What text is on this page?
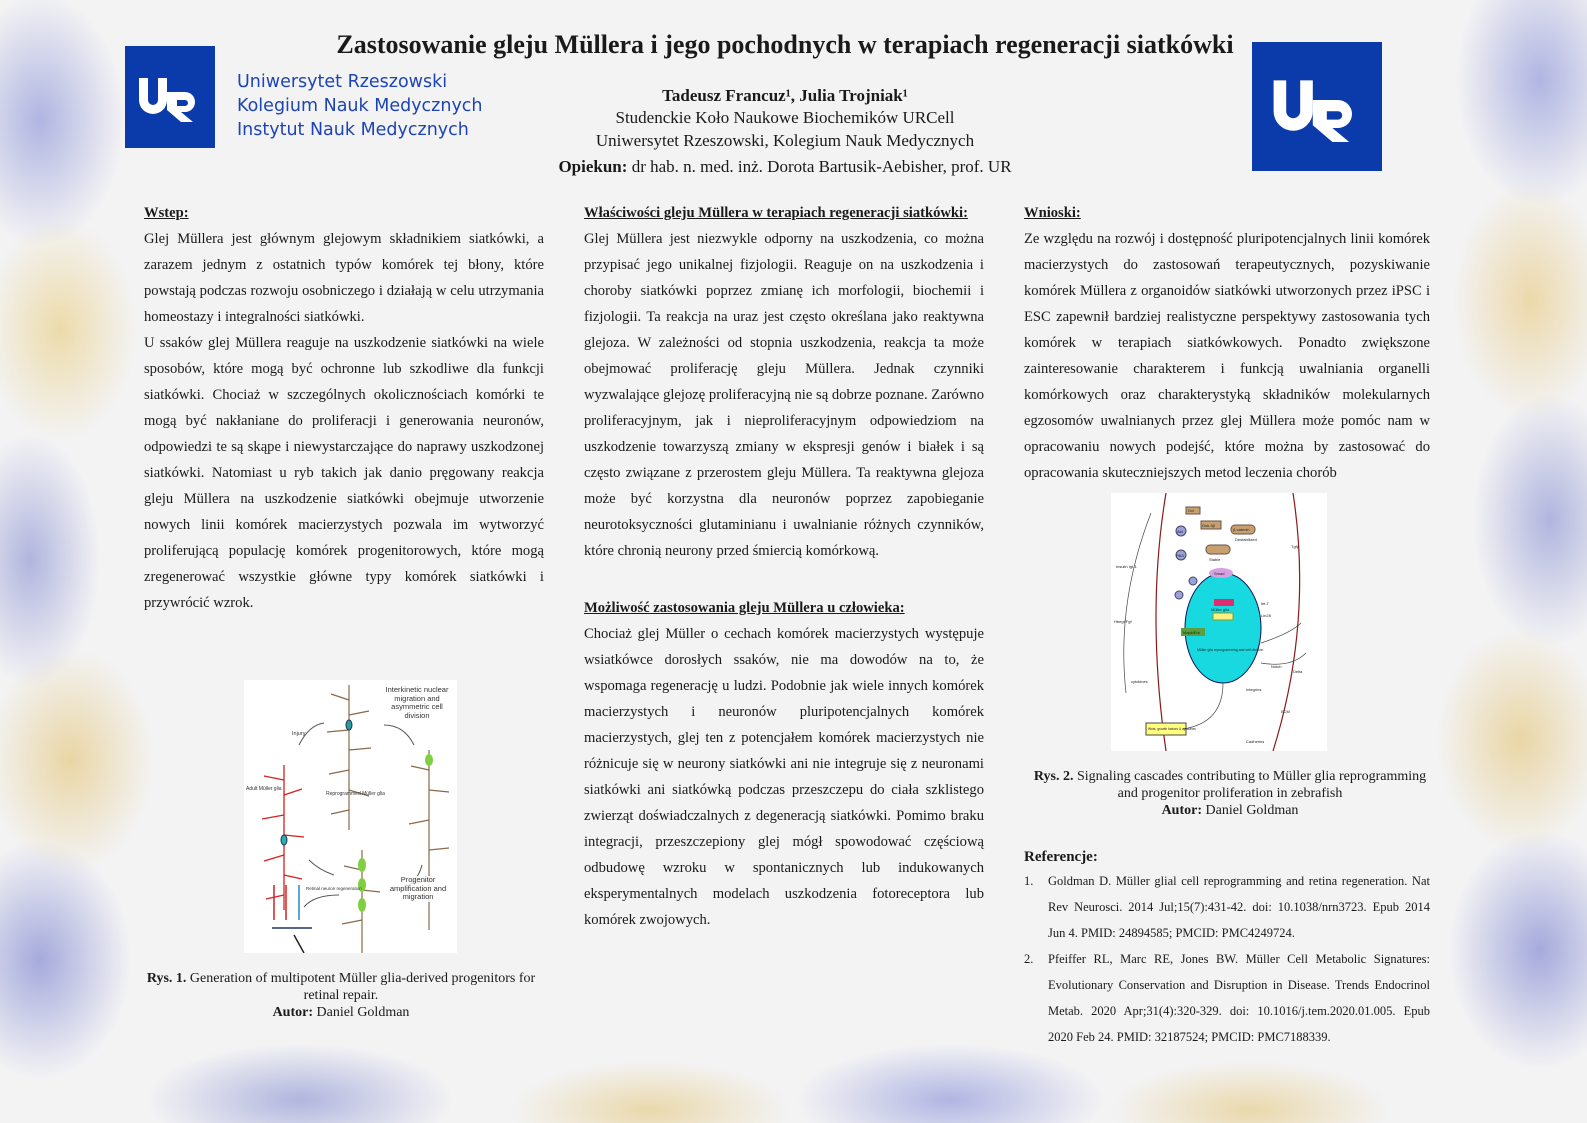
Uniwersytet Rzeszowski
Kolegium Nauk Medycznych
Instytut Nauk Medycznych
Zastosowanie gleju Müllera i jego pochodnych w terapiach regeneracji siatkówki
Tadeusz Francuz¹, Julia Trojniak¹
Studenckie Koło Naukowe Biochemików URCell
Uniwersytet Rzeszowski, Kolegium Nauk Medycznych
Opiekun: dr hab. n. med. inż. Dorota Bartusik-Aebisher, prof. UR
Wstep:

Glej Müllera jest głównym glejowym składnikiem siatkówki, a zarazem jednym z ostatnich typów komórek tej błony, które powstają podczas rozwoju osobniczego i działają w celu utrzymania homeostazy i integralności siatkówki.

U ssaków glej Müllera reaguje na uszkodzenie siatkówki na wiele sposobów, które mogą być ochronne lub szkodliwe dla funkcji siatkówki. Chociaż w szczególnych okolicznościach komórki te mogą być nakłaniane do proliferacji i generowania neuronów, odpowiedzi te są skąpe i niewystarczające do naprawy uszkodzonej siatkówki. Natomiast u ryb takich jak danio pręgowany reakcja gleju Müllera na uszkodzenie siatkówki obejmuje utworzenie nowych linii komórek macierzystych pozwala im wytworzyć proliferującą populację komórek progenitorowych, które mogą zregenerować wszystkie główne typy komórek siatkówki i przywrócić wzrok.

Injury
Adult Müller glia
Reprogrammed Müller glia
Retinal neuron regeneration
Interkinetic nuclear migration and asymmetric cell division
Progenitor amplification and migration
Rys. 1. Generation of multipotent Müller glia-derived progenitors for retinal repair.
Autor: Daniel Goldman
Właściwości gleju Müllera w terapiach regeneracji siatkówki:

Glej Müllera jest niezwykle odporny na uszkodzenia, co można przypisać jego unikalnej fizjologii. Reaguje on na uszkodzenia i choroby siatkówki poprzez zmianę ich morfologii, biochemii i fizjologii. Ta reakcja na uraz jest często określana jako reaktywna glejoza. W zależności od stopnia uszkodzenia, reakcja ta może obejmować proliferację gleju Müllera. Jednak czynniki wyzwalające glejozę proliferacyjną nie są dobrze poznane. Zarówno proliferacyjnym, jak i nieproliferacyjnym odpowiedziom na uszkodzenie towarzyszą zmiany w ekspresji genów i białek i są często związane z przerostem gleju Müllera. Ta reaktywna glejoza może być korzystna dla neuronów poprzez zapobieganie neurotoksyczności glutaminianu i uwalnianie różnych czynników, które chronią neurony przed śmiercią komórkową.

Możliwość zastosowania gleju Müllera u człowieka:

Chociaż glej Müller o cechach komórek macierzystych występuje wsiatkówce dorosłych ssaków, nie ma dowodów na to, że wspomaga regenerację u ludzi. Podobnie jak wiele innych komórek macierzystych i neuronów pluripotencjalnych komórek macierzystych, glej ten z potencjałem komórek macierzystych nie różnicuje się w neurony siatkówki ani nie integruje się z neuronami siatkówki ani siatkówką podczas przeszczepu do ciała szklistego zwierząt doświadczalnych z degeneracją siatkówki. Pomimo braku integracji, przeszczepiony glej mógł spowodować częściową odbudowę wzroku w spontanicznych lub indukowanych eksperymentalnych modelach uszkodzenia fotoreceptora lub komórek zwojowych.

Wnioski:

Ze względu na rozwój i dostępność pluripotencjalnych linii komórek macierzystych do zastosowań terapeutycznych, pozyskiwanie komórek Müllera z organoidów siatkówki utworzonych przez iPSC i ESC zapewnił bardziej realistyczne perspektywy zastosowania tych komórek w terapiach siatkówkowych. Ponadto zwiększone zainteresowanie charakterem i funkcją uwalniania organelli komórkowych oraz charakterystyką składników molekularnych egzosomów uwalnianych przez glej Müllera może pomóc nam w opracowaniu nowych podejść, które można by zastosować do opracowania skuteczniejszych metod leczenia chorób

Dvl
Gsk-3β
β-catenin
Destabilized
Stable
Akt
Pik3
Insulin Igf-1
Hbegf Fgf
Mapk/Erk
Müller glia
Müller glia reprogramming and cell division
Smad
Tgfβ
let-7
Lin28
cytokines
Wnts, growth factors & cytokines
Notch
Delta
Integrins
ECM
Cadherins
Rys. 2. Signaling cascades contributing to Müller glia reprogramming and progenitor proliferation in zebrafish
Autor: Daniel Goldman
Referencje:
1. Goldman D. Müller glial cell reprogramming and retina regeneration. Nat Rev Neurosci. 2014 Jul;15(7):431-42. doi: 10.1038/nrn3723. Epub 2014 Jun 4. PMID: 24894585; PMCID: PMC4249724.
2. Pfeiffer RL, Marc RE, Jones BW. Müller Cell Metabolic Signatures: Evolutionary Conservation and Disruption in Disease. Trends Endocrinol Metab. 2020 Apr;31(4):320-329. doi: 10.1016/j.tem.2020.01.005. Epub 2020 Feb 24. PMID: 32187524; PMCID: PMC7188339.
